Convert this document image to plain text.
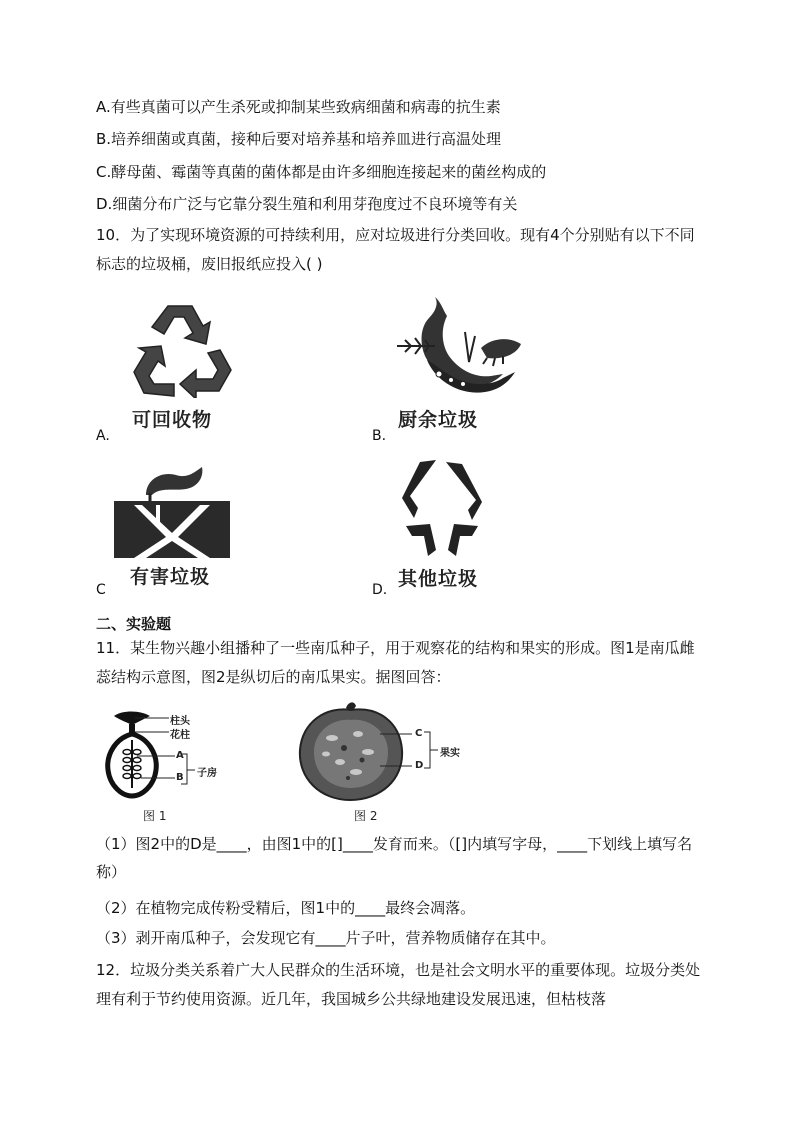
A.有些真菌可以产生杀死或抑制某些致病细菌和病毒的抗生素
B.培养细菌或真菌，接种后要对培养基和培养皿进行高温处理
C.酵母菌、霉菌等真菌的菌体都是由许多细胞连接起来的菌丝构成的
D.细菌分布广泛与它靠分裂生殖和利用芽孢度过不良环境等有关
10．为了实现环境资源的可持续利用，应对垃圾进行分类回收。现有4个分别贴有以下不同标志的垃圾桶，废旧报纸应投入( )
可回收物
A.
厨余垃圾
B.
有害垃圾
C	其他垃圾
D.
二、实验题
11．某生物兴趣小组播种了一些南瓜种子，用于观察花的结构和果实的形成。图1是南瓜雌蕊结构示意图，图2是纵切后的南瓜果实。据图回答：
柱头
花柱
A
B 子房
图 1
C
D
果实
图 2
（1）图2中的D是____，由图1中的[]____发育而来。（[]内填写字母，____下划线上填写名称）
（2）在植物完成传粉受精后，图1中的____最终会凋落。
（3）剥开南瓜种子，会发现它有____片子叶，营养物质储存在其中。
12．垃圾分类关系着广大人民群众的生活环境，也是社会文明水平的重要体现。垃圾分类处理有利于节约使用资源。近几年，我国城乡公共绿地建设发展迅速，但枯枝落
